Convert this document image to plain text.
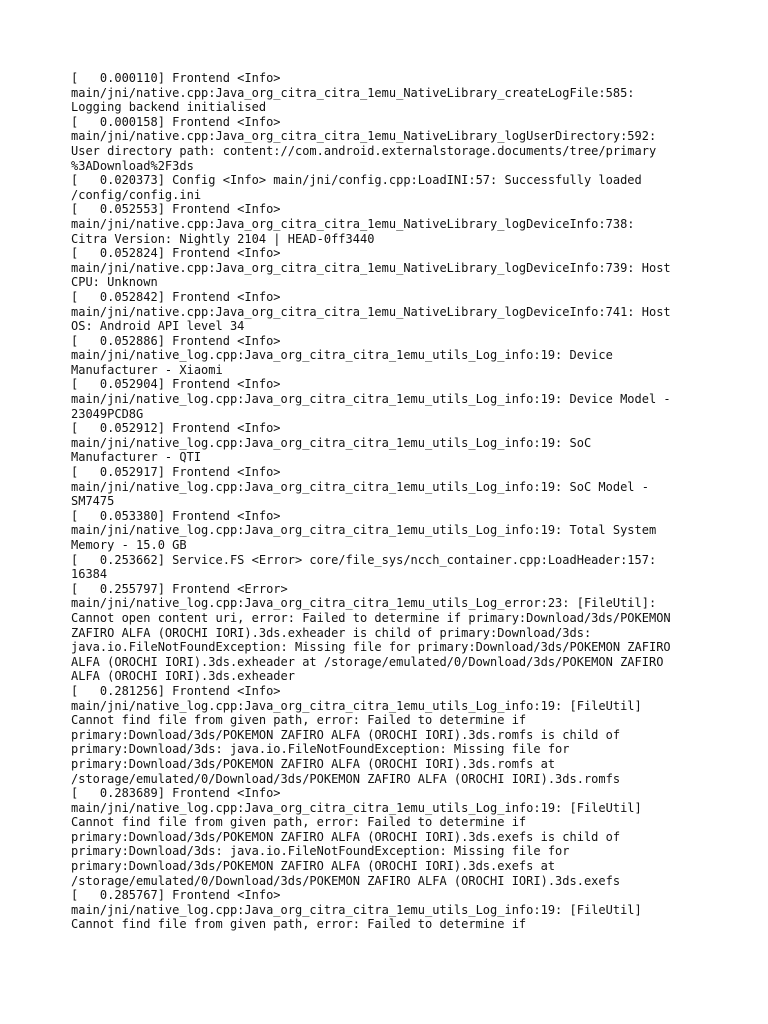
[   0.000110] Frontend <Info>
main/jni/native.cpp:Java_org_citra_citra_1emu_NativeLibrary_createLogFile:585:
Logging backend initialised
[   0.000158] Frontend <Info>
main/jni/native.cpp:Java_org_citra_citra_1emu_NativeLibrary_logUserDirectory:592:
User directory path: content://com.android.externalstorage.documents/tree/primary
%3ADownload%2F3ds
[   0.020373] Config <Info> main/jni/config.cpp:LoadINI:57: Successfully loaded
/config/config.ini
[   0.052553] Frontend <Info>
main/jni/native.cpp:Java_org_citra_citra_1emu_NativeLibrary_logDeviceInfo:738:
Citra Version: Nightly 2104 | HEAD-0ff3440
[   0.052824] Frontend <Info>
main/jni/native.cpp:Java_org_citra_citra_1emu_NativeLibrary_logDeviceInfo:739: Host
CPU: Unknown
[   0.052842] Frontend <Info>
main/jni/native.cpp:Java_org_citra_citra_1emu_NativeLibrary_logDeviceInfo:741: Host
OS: Android API level 34
[   0.052886] Frontend <Info>
main/jni/native_log.cpp:Java_org_citra_citra_1emu_utils_Log_info:19: Device
Manufacturer - Xiaomi
[   0.052904] Frontend <Info>
main/jni/native_log.cpp:Java_org_citra_citra_1emu_utils_Log_info:19: Device Model -
23049PCD8G
[   0.052912] Frontend <Info>
main/jni/native_log.cpp:Java_org_citra_citra_1emu_utils_Log_info:19: SoC
Manufacturer - QTI
[   0.052917] Frontend <Info>
main/jni/native_log.cpp:Java_org_citra_citra_1emu_utils_Log_info:19: SoC Model -
SM7475
[   0.053380] Frontend <Info>
main/jni/native_log.cpp:Java_org_citra_citra_1emu_utils_Log_info:19: Total System
Memory - 15.0 GB
[   0.253662] Service.FS <Error> core/file_sys/ncch_container.cpp:LoadHeader:157:
16384
[   0.255797] Frontend <Error>
main/jni/native_log.cpp:Java_org_citra_citra_1emu_utils_Log_error:23: [FileUtil]:
Cannot open content uri, error: Failed to determine if primary:Download/3ds/POKEMON
ZAFIRO ALFA (OROCHI IORI).3ds.exheader is child of primary:Download/3ds:
java.io.FileNotFoundException: Missing file for primary:Download/3ds/POKEMON ZAFIRO
ALFA (OROCHI IORI).3ds.exheader at /storage/emulated/0/Download/3ds/POKEMON ZAFIRO
ALFA (OROCHI IORI).3ds.exheader
[   0.281256] Frontend <Info>
main/jni/native_log.cpp:Java_org_citra_citra_1emu_utils_Log_info:19: [FileUtil]
Cannot find file from given path, error: Failed to determine if
primary:Download/3ds/POKEMON ZAFIRO ALFA (OROCHI IORI).3ds.romfs is child of
primary:Download/3ds: java.io.FileNotFoundException: Missing file for
primary:Download/3ds/POKEMON ZAFIRO ALFA (OROCHI IORI).3ds.romfs at
/storage/emulated/0/Download/3ds/POKEMON ZAFIRO ALFA (OROCHI IORI).3ds.romfs
[   0.283689] Frontend <Info>
main/jni/native_log.cpp:Java_org_citra_citra_1emu_utils_Log_info:19: [FileUtil]
Cannot find file from given path, error: Failed to determine if
primary:Download/3ds/POKEMON ZAFIRO ALFA (OROCHI IORI).3ds.exefs is child of
primary:Download/3ds: java.io.FileNotFoundException: Missing file for
primary:Download/3ds/POKEMON ZAFIRO ALFA (OROCHI IORI).3ds.exefs at
/storage/emulated/0/Download/3ds/POKEMON ZAFIRO ALFA (OROCHI IORI).3ds.exefs
[   0.285767] Frontend <Info>
main/jni/native_log.cpp:Java_org_citra_citra_1emu_utils_Log_info:19: [FileUtil]
Cannot find file from given path, error: Failed to determine if
